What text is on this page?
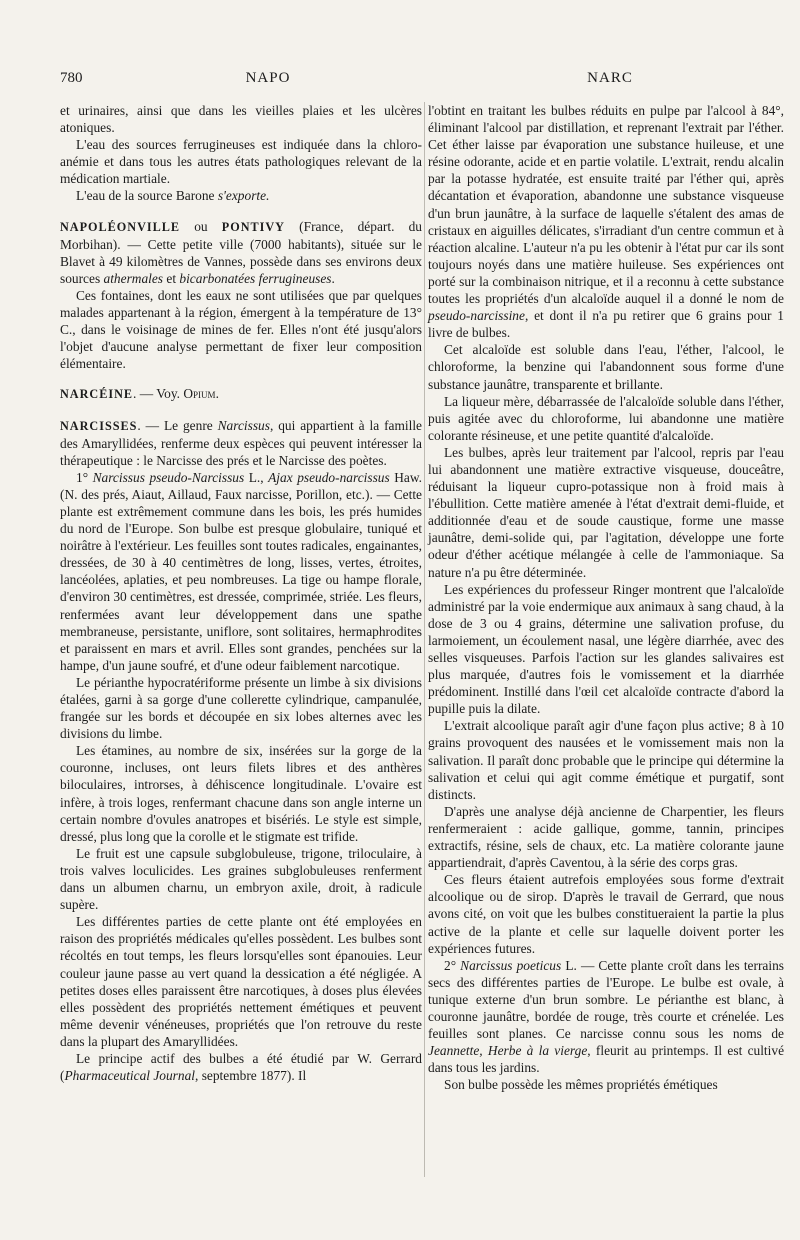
780	NAPO	NARC

et urinaires, ainsi que dans les vieilles plaies et les ulcères atoniques.

L'eau des sources ferrugineuses est indiquée dans la chloro-anémie et dans tous les autres états pathologiques relevant de la médication martiale.

L'eau de la source Barone s'exporte.

NAPOLÉONVILLE ou PONTIVY (France, départ. du Morbihan). — Cette petite ville (7000 habitants), située sur le Blavet à 49 kilomètres de Vannes, possède dans ses environs deux sources athermales et bicarbonatées ferrugineuses.

Ces fontaines, dont les eaux ne sont utilisées que par quelques malades appartenant à la région, émergent à la température de 13° C., dans le voisinage de mines de fer. Elles n'ont été jusqu'alors l'objet d'aucune analyse permettant de fixer leur composition élémentaire.

NARCÉINE. — Voy. Opium.

NARCISSES. — Le genre Narcissus, qui appartient à la famille des Amaryllidées, renferme deux espèces qui peuvent intéresser la thérapeutique : le Narcisse des prés et le Narcisse des poètes.

1° Narcissus pseudo-Narcissus L., Ajax pseudo-narcissus Haw. (N. des prés, Aiaut, Aillaud, Faux narcisse, Porillon, etc.). — Cette plante est extrêmement commune dans les bois, les prés humides du nord de l'Europe. Son bulbe est presque globulaire, tuniqué et noirâtre à l'extérieur. Les feuilles sont toutes radicales, engainantes, dressées, de 30 à 40 centimètres de long, lisses, vertes, étroites, lancéolées, aplaties, et peu nombreuses. La tige ou hampe florale, d'environ 30 centimètres, est dressée, comprimée, striée. Les fleurs, renfermées avant leur développement dans une spathe membraneuse, persistante, uniflore, sont solitaires, hermaphrodites et paraissent en mars et avril. Elles sont grandes, penchées sur la hampe, d'un jaune soufré, et d'une odeur faiblement narcotique.

Le périanthe hypocratériforme présente un limbe à six divisions étalées, garni à sa gorge d'une collerette cylindrique, campanulée, frangée sur les bords et découpée en six lobes alternes avec les divisions du limbe.

Les étamines, au nombre de six, insérées sur la gorge de la couronne, incluses, ont leurs filets libres et des anthères biloculaires, introrses, à déhiscence longitudinale. L'ovaire est infère, à trois loges, renfermant chacune dans son angle interne un certain nombre d'ovules anatropes et bisériés. Le style est simple, dressé, plus long que la corolle et le stigmate est trifide.

Le fruit est une capsule subglobuleuse, trigone, triloculaire, à trois valves loculicides. Les graines subglobuleuses renferment dans un albumen charnu, un embryon axile, droit, à radicule supère.

Les différentes parties de cette plante ont été employées en raison des propriétés médicales qu'elles possèdent. Les bulbes sont récoltés en tout temps, les fleurs lorsqu'elles sont épanouies. Leur couleur jaune passe au vert quand la dessication a été négligée. A petites doses elles paraissent être narcotiques, à doses plus élevées elles possèdent des propriétés nettement émétiques et peuvent même devenir vénéneuses, propriétés que l'on retrouve du reste dans la plupart des Amaryllidées.

Le principe actif des bulbes a été étudié par W. Gerrard (Pharmaceutical Journal, septembre 1877). Il

l'obtint en traitant les bulbes réduits en pulpe par l'alcool à 84°, éliminant l'alcool par distillation, et reprenant l'extrait par l'éther. Cet éther laisse par évaporation une substance huileuse, et une résine odorante, acide et en partie volatile. L'extrait, rendu alcalin par la potasse hydratée, est ensuite traité par l'éther qui, après décantation et évaporation, abandonne une substance visqueuse d'un brun jaunâtre, à la surface de laquelle s'étalent des amas de cristaux en aiguilles délicates, s'irradiant d'un centre commun et à réaction alcaline. L'auteur n'a pu les obtenir à l'état pur car ils sont toujours noyés dans une matière huileuse. Ses expériences ont porté sur la combinaison nitrique, et il a reconnu à cette substance toutes les propriétés d'un alcaloïde auquel il a donné le nom de pseudo-narcissine, et dont il n'a pu retirer que 6 grains pour 1 livre de bulbes.

Cet alcaloïde est soluble dans l'eau, l'éther, l'alcool, le chloroforme, la benzine qui l'abandonnent sous forme d'une substance jaunâtre, transparente et brillante.

La liqueur mère, débarrassée de l'alcaloïde soluble dans l'éther, puis agitée avec du chloroforme, lui abandonne une matière colorante résineuse, et une petite quantité d'alcaloïde.

Les bulbes, après leur traitement par l'alcool, repris par l'eau lui abandonnent une matière extractive visqueuse, douceâtre, réduisant la liqueur cupro-potassique non à froid mais à l'ébullition. Cette matière amenée à l'état d'extrait demi-fluide, et additionnée d'eau et de soude caustique, forme une masse jaunâtre, demi-solide qui, par l'agitation, développe une forte odeur d'éther acétique mélangée à celle de l'ammoniaque. Sa nature n'a pu être déterminée.

Les expériences du professeur Ringer montrent que l'alcaloïde administré par la voie endermique aux animaux à sang chaud, à la dose de 3 ou 4 grains, détermine une salivation profuse, du larmoiement, un écoulement nasal, une légère diarrhée, avec des selles visqueuses. Parfois l'action sur les glandes salivaires est plus marquée, d'autres fois le vomissement et la diarrhée prédominent. Instillé dans l'œil cet alcaloïde contracte d'abord la pupille puis la dilate.

L'extrait alcoolique paraît agir d'une façon plus active; 8 à 10 grains provoquent des nausées et le vomissement mais non la salivation. Il paraît donc probable que le principe qui détermine la salivation et celui qui agit comme émétique et purgatif, sont distincts.

D'après une analyse déjà ancienne de Charpentier, les fleurs renfermeraient : acide gallique, gomme, tannin, principes extractifs, résine, sels de chaux, etc. La matière colorante jaune appartiendrait, d'après Caventou, à la série des corps gras.

Ces fleurs étaient autrefois employées sous forme d'extrait alcoolique ou de sirop. D'après le travail de Gerrard, que nous avons cité, on voit que les bulbes constitueraient la partie la plus active de la plante et celle sur laquelle doivent porter les expériences futures.

2° Narcissus poeticus L. — Cette plante croît dans les terrains secs des différentes parties de l'Europe. Le bulbe est ovale, à tunique externe d'un brun sombre. Le périanthe est blanc, à couronne jaunâtre, bordée de rouge, très courte et crénelée. Les feuilles sont planes. Ce narcisse connu sous les noms de Jeannette, Herbe à la vierge, fleurit au printemps. Il est cultivé dans tous les jardins.

Son bulbe possède les mêmes propriétés émétiques
